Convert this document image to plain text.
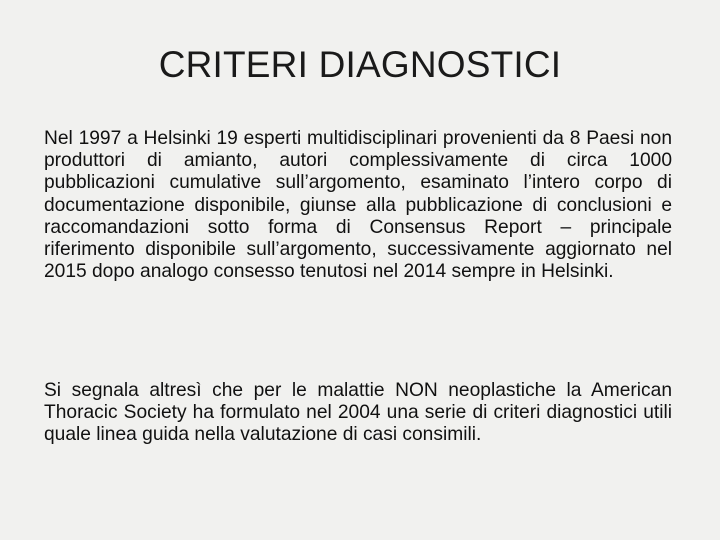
CRITERI DIAGNOSTICI

Nel 1997 a Helsinki 19 esperti multidisciplinari provenienti da 8 Paesi non produttori di amianto, autori complessivamente di circa 1000 pubblicazioni cumulative sull’argomento, esaminato l’intero corpo di documentazione disponibile, giunse alla pubblicazione di conclusioni e raccomandazioni sotto forma di Consensus Report – principale riferimento disponibile sull’argomento, successivamente aggiornato nel 2015 dopo analogo consesso tenutosi nel 2014 sempre in Helsinki.

Si segnala altresì che per le malattie NON neoplastiche la American Thoracic Society ha formulato nel 2004 una serie di criteri diagnostici utili quale linea guida nella valutazione di casi consimili.
